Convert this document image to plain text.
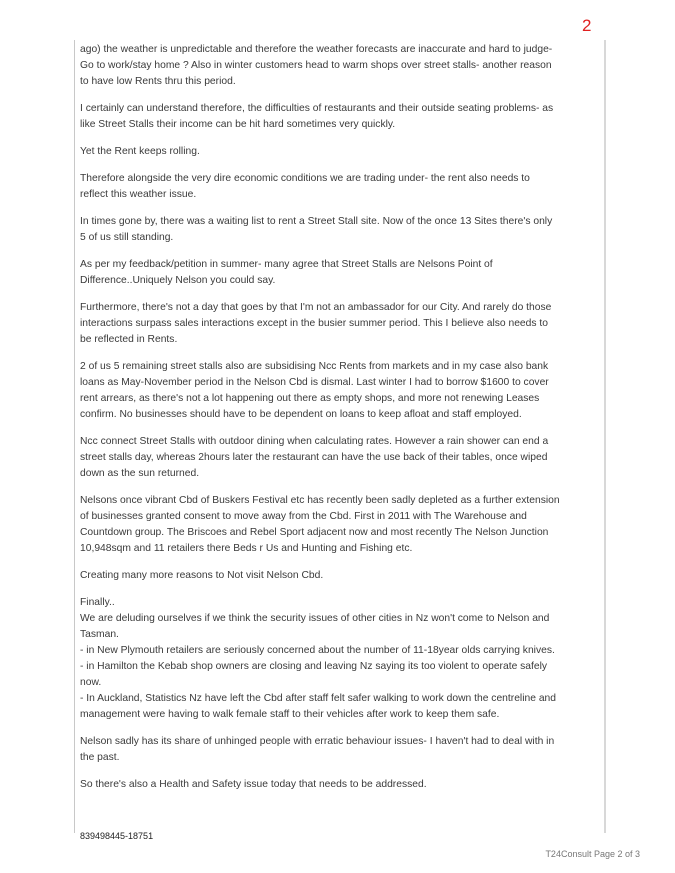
2

ago) the weather is unpredictable and therefore the weather forecasts are inaccurate and hard to judge- Go to work/stay home ? Also in winter customers head to warm shops over street stalls- another reason to have low Rents thru this period.

I certainly can understand therefore, the difficulties of restaurants and their outside seating problems- as like Street Stalls their income can be hit hard sometimes very quickly.

Yet the Rent keeps rolling.

Therefore alongside the very dire economic conditions we are trading under- the rent also needs to reflect this weather issue.

In times gone by, there was a waiting list to rent a Street Stall site. Now of the once 13 Sites there's only 5 of us still standing.

As per my feedback/petition in summer- many agree that Street Stalls are Nelsons Point of Difference..Uniquely Nelson you could say.

Furthermore, there's not a day that goes by that I'm not an ambassador for our City. And rarely do those interactions surpass sales interactions except in the busier summer period. This I believe also needs to be reflected in Rents.

2 of us 5 remaining street stalls also are subsidising Ncc Rents from markets and in my case also bank loans as May-November period in the Nelson Cbd is dismal. Last winter I had to borrow $1600 to cover rent arrears, as there's not a lot happening out there as empty shops, and more not renewing Leases confirm. No businesses should have to be dependent on loans to keep afloat and staff employed.

Ncc connect Street Stalls with outdoor dining when calculating rates. However a rain shower can end a street stalls day, whereas 2hours later the restaurant can have the use back of their tables, once wiped down as the sun returned.

Nelsons once vibrant Cbd of Buskers Festival etc has recently been sadly depleted as a further extension of businesses granted consent to move away from the Cbd. First in 2011 with The Warehouse and Countdown group. The Briscoes and Rebel Sport adjacent now and most recently The Nelson Junction 10,948sqm and 11 retailers there Beds r Us and Hunting and Fishing etc.

Creating many more reasons to Not visit Nelson Cbd.

Finally..
We are deluding ourselves if we think the security issues of other cities in Nz won't come to Nelson and Tasman.
- in New Plymouth retailers are seriously concerned about the number of 11-18year olds carrying knives.
- in Hamilton the Kebab shop owners are closing and leaving Nz saying its too violent to operate safely now.
- In Auckland, Statistics Nz have left the Cbd after staff felt safer walking to work down the centreline and management were having to walk female staff to their vehicles after work to keep them safe.

Nelson sadly has its share of unhinged people with erratic behaviour issues- I haven't had to deal with in the past.

So there's also a Health and Safety issue today that needs to be addressed.

839498445-18751
T24Consult Page 2 of 3
